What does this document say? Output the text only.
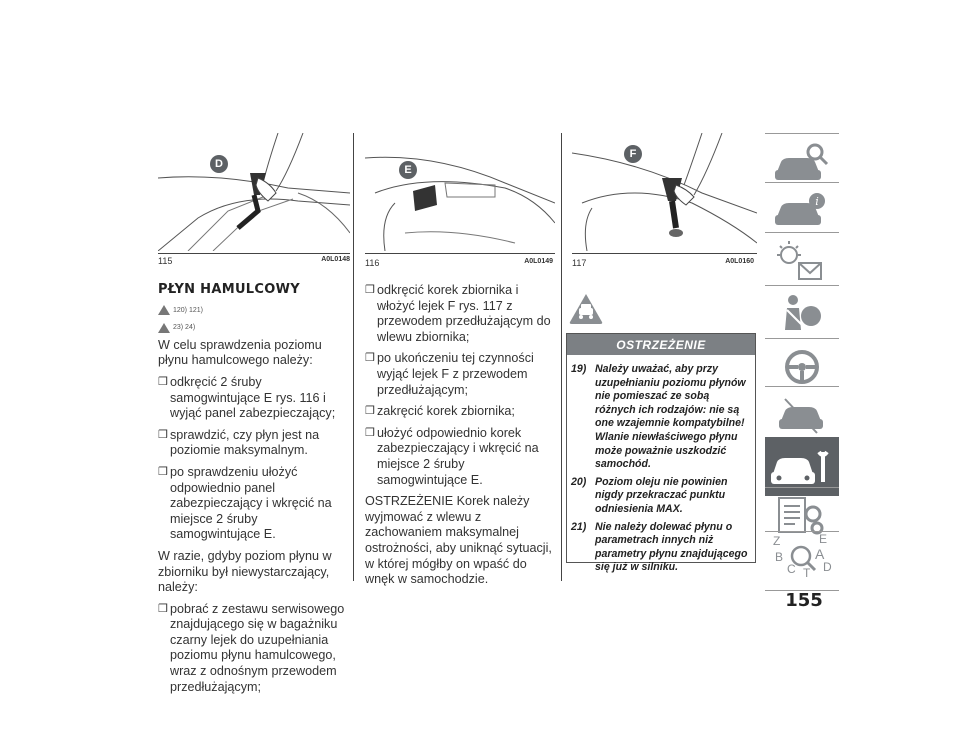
D
115	A0L0148
E
116	A0L0149
F
117	A0L0160
PŁYN HAMULCOWY
120) 121)

23) 24)

W celu sprawdzenia poziomu płynu hamulcowego należy:

❒ odkręcić 2 śruby samogwintujące E rys. 116 i wyjąć panel zabezpieczający;
❒ sprawdzić, czy płyn jest na poziomie maksymalnym.
❒ po sprawdzeniu ułożyć odpowiednio panel zabezpieczający i wkręcić na miejsce 2 śruby samogwintujące E.

W razie, gdyby poziom płynu w zbiorniku był niewystarczający, należy:

❒ pobrać z zestawu serwisowego znajdującego się w bagażniku czarny lejek do uzupełniania poziomu płynu hamulcowego, wraz z odnośnym przewodem przedłużającym;
❒ odkręcić korek zbiornika i włożyć lejek F rys. 117 z przewodem przedłużającym do wlewu zbiornika;
❒ po ukończeniu tej czynności wyjąć lejek F z przewodem przedłużającym;
❒ zakręcić korek zbiornika;
❒ ułożyć odpowiednio korek zabezpieczający i wkręcić na miejsce 2 śruby samogwintujące E.

OSTRZEŻENIE Korek należy wyjmować z wlewu z zachowaniem maksymalnej ostrożności, aby uniknąć sytuacji, w której mógłby on wpaść do wnęk w samochodzie.

OSTRZEŻENIE
19) Należy uważać, aby przy uzupełnianiu poziomu płynów nie pomieszać ze sobą różnych ich rodzajów: nie są one wzajemnie kompatybilne! Wlanie niewłaściwego płynu może poważnie uszkodzić samochód.
20) Poziom oleju nie powinien nigdy przekraczać punktu odniesienia MAX.
21) Nie należy dolewać płynu o parametrach innych niż parametry płynu znajdującego się już w silniku.
i
Z	E
B A
C D
T
155
